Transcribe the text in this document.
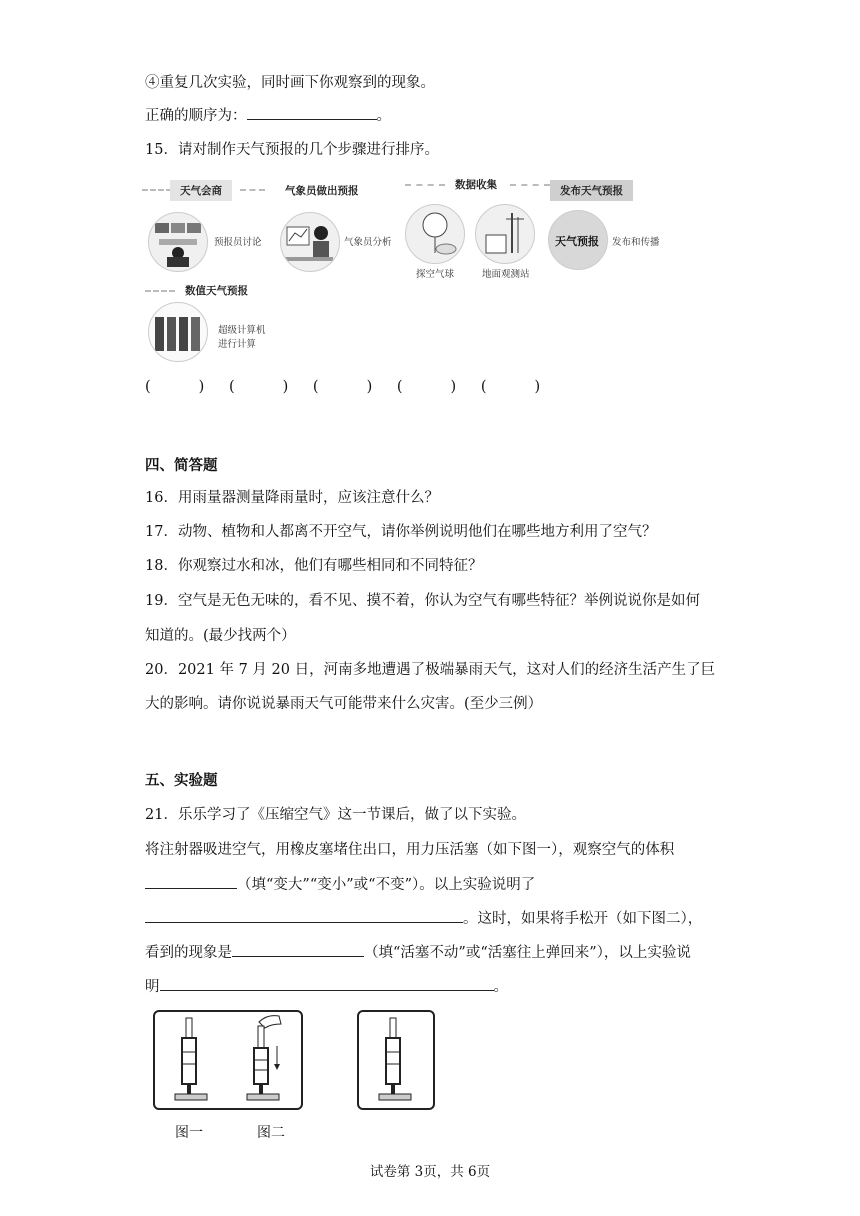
④重复几次实验，同时画下你观察到的现象。
正确的顺序为：	。
15．请对制作天气预报的几个步骤进行排序。
天气会商	气象员做出预报	数据收集	发布天气预报
预报员讨论	气象员分析
探空气球	地面观测站
天气预报 发布和传播
数值天气预报
超级计算机
进行计算
(	) (	) (	) (	) (	)
四、简答题
16．用雨量器测量降雨量时，应该注意什么？
17．动物、植物和人都离不开空气，请你举例说明他们在哪些地方利用了空气？
18．你观察过水和冰，他们有哪些相同和不同特征？
19．空气是无色无味的，看不见、摸不着，你认为空气有哪些特征？举例说说你是如何
知道的。(最少找两个）
20．2021 年 7 月 20 日，河南多地遭遇了极端暴雨天气，这对人们的经济生活产生了巨
大的影响。请你说说暴雨天气可能带来什么灾害。(至少三例）
五、实验题
21．乐乐学习了《压缩空气》这一节课后，做了以下实验。
将注射器吸进空气，用橡皮塞堵住出口，用力压活塞（如下图一），观察空气的体积
（填“变大”“变小”或“不变”）。以上实验说明了
。这时，如果将手松开（如下图二），
看到的现象是	（填“活塞不动”或“活塞往上弹回来”），以上实验说
明	。
图一	图二
试卷第 3页，共 6页
